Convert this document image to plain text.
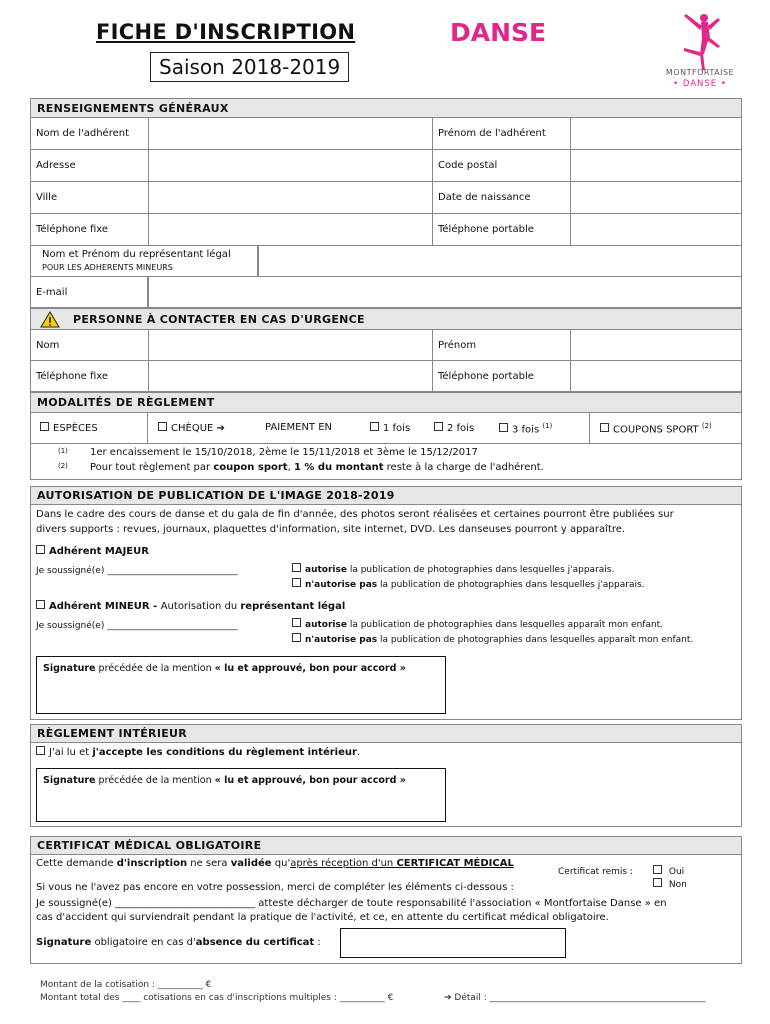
FICHE D'INSCRIPTION	DANSE
Saison 2018-2019	MONTFORTAISE
• DANSE •
RENSEIGNEMENTS GÉNÉRAUX
Nom de l'adhérent		Prénom de l'adhérent	
Adresse		Code postal	
Ville		Date de naissance	
Téléphone fixe		Téléphone portable	
Nom et Prénom du représentant légal
POUR LES ADHERENTS MINEURS
E-mail
PERSONNE À CONTACTER EN CAS D'URGENCE
Nom		Prénom	
Téléphone fixe		Téléphone portable	
MODALITÉS DE RÈGLEMENT
ESPÈCES	CHÈQUE ➔	PAIEMENT EN	1 fois	2 fois	3 fois $^{(1)}$	COUPONS SPORT $^{(2)}$
(1) 1er encaissement le 15/10/2018, 2ème le 15/11/2018 et 3ème le 15/12/2017
(2) Pour tout règlement par coupon sport, 1 % du montant reste à la charge de l'adhérent.
AUTORISATION DE PUBLICATION DE L'IMAGE 2018-2019
Dans le cadre des cours de danse et du gala de fin d'année, des photos seront réalisées et certaines pourront être publiées sur
divers supports : revues, journaux, plaquettes d'information, site internet, DVD. Les danseuses pourront y apparaître.
Adhérent MAJEUR
Je soussigné(e) _____________________________	autorise la publication de photographies dans lesquelles j'apparais.
n'autorise pas la publication de photographies dans lesquelles j'apparais.
Adhérent MINEUR - Autorisation du représentant légal
Je soussigné(e) _____________________________	autorise la publication de photographies dans lesquelles apparaît mon enfant.
n'autorise pas la publication de photographies dans lesquelles apparaît mon enfant.
Signature précédée de la mention « lu et approuvé, bon pour accord »
RÈGLEMENT INTÉRIEUR
J'ai lu et j'accepte les conditions du règlement intérieur.
Signature précédée de la mention « lu et approuvé, bon pour accord »
CERTIFICAT MÉDICAL OBLIGATOIRE
Cette demande d'inscription ne sera validée qu'après réception d'un CERTIFICAT MÉDICAL
Certificat remis :	Oui
Non
Si vous ne l'avez pas encore en votre possession, merci de compléter les éléments ci-dessous :
Je soussigné(e) ____________________________ atteste décharger de toute responsabilité l'association « Montfortaise Danse » en
cas d'accident qui surviendrait pendant la pratique de l'activité, et ce, en attente du certificat médical obligatoire.
Signature obligatoire en cas d'absence du certificat :
Montant de la cotisation : __________ €
Montant total des ____ cotisations en cas d'inscriptions multiples : __________ €	➔ Détail : ________________________________________________
